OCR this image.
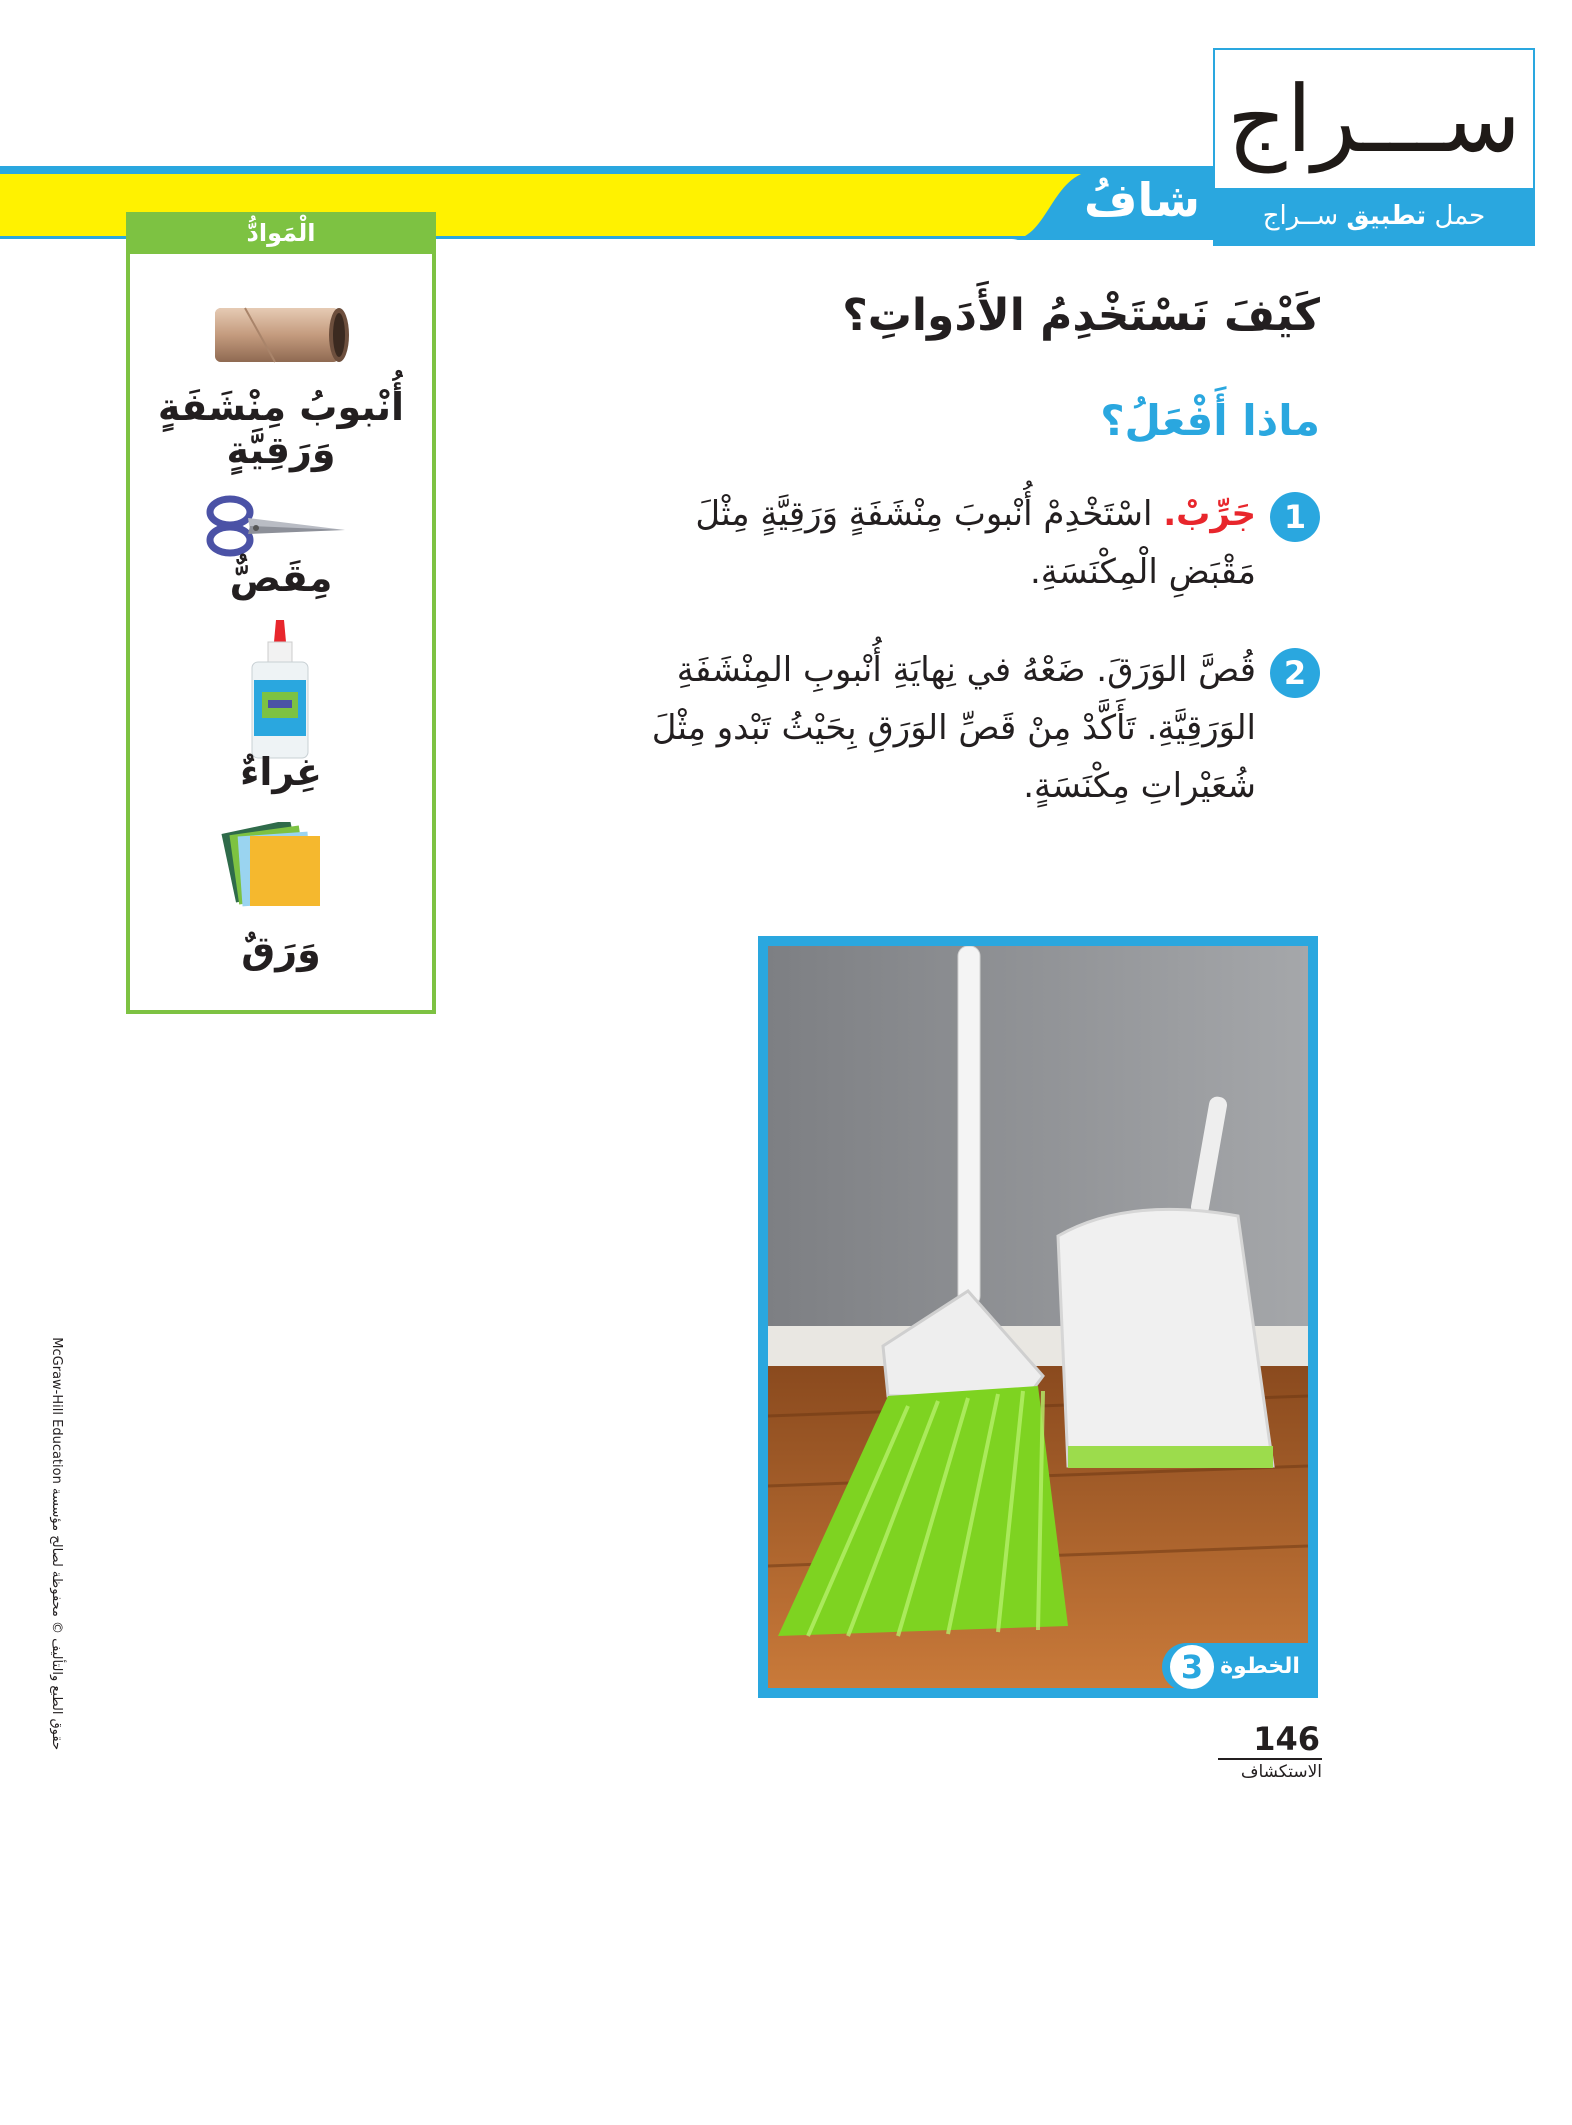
شافُ
ســـراج
حمل تطبيق ســراج
الْمَوادُّ
أُنْبوبُ مِنْشَفَةٍ
وَرَقِيَّةٍ
مِقَصٌّ
غِراءٌ
وَرَقٌ
كَيْفَ نَسْتَخْدِمُ الأَدَواتِ؟
ماذا أَفْعَلُ؟
1
جَرِّبْ. اسْتَخْدِمْ أُنْبوبَ مِنْشَفَةٍ وَرَقِيَّةٍ مِثْلَ
مَقْبَضِ الْمِكْنَسَةِ.
2
قُصَّ الوَرَقَ. ضَعْهُ في نِهايَةِ أُنْبوبِ المِنْشَفَةِ
الوَرَقِيَّةِ. تَأَكَّدْ مِنْ قَصِّ الوَرَقِ بِحَيْثُ تَبْدو مِثْلَ
شُعَيْراتِ مِكْنَسَةٍ.
الخطوة
3
146
الاستكشاف
حقوق الطبع والتأليف © محفوظة لصالح مؤسسة McGraw-Hill Education
